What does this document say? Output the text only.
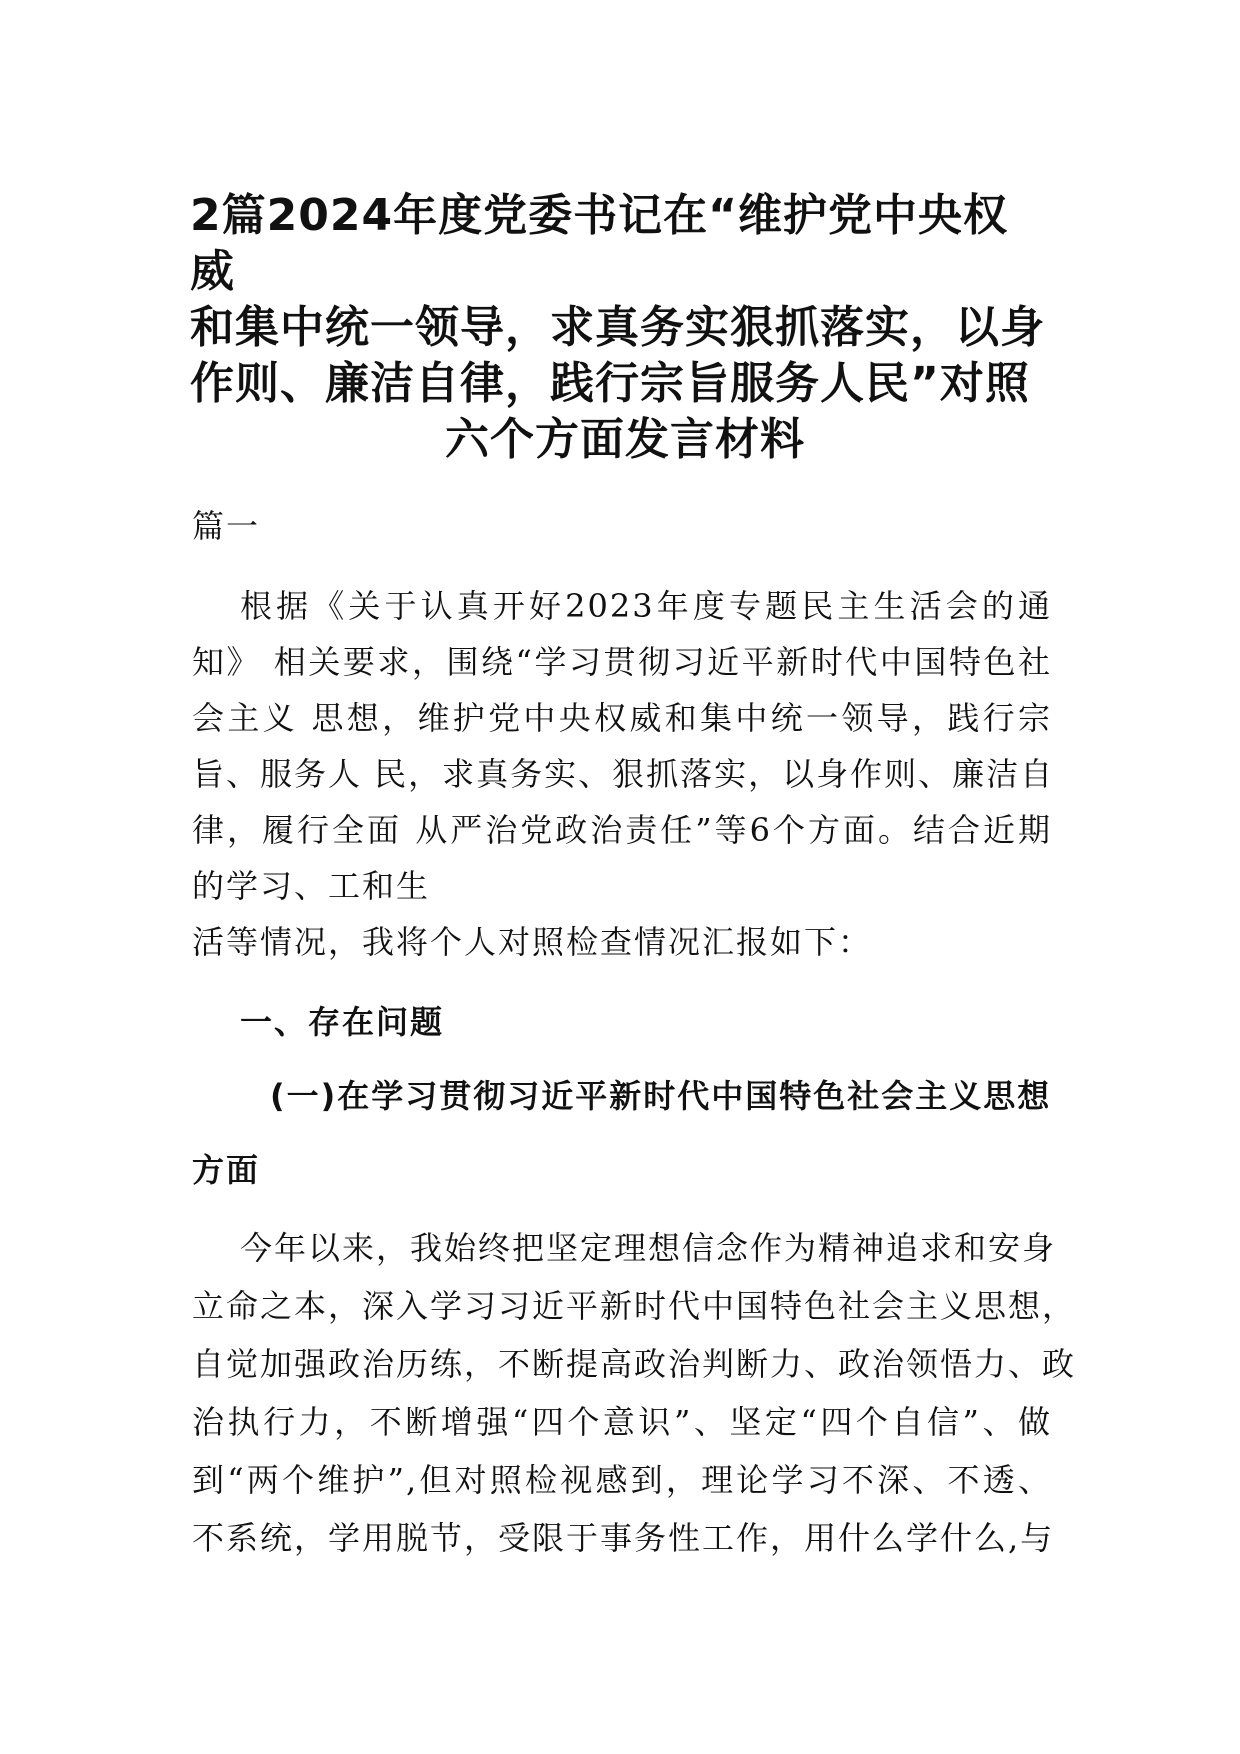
2篇2024年度党委书记在“维护党中央权
威
和集中统一领导，求真务实狠抓落实，以身
作则、廉洁自律，践行宗旨服务人民”对照
六个方面发言材料
篇一
根据《关于认真开好2023年度专题民主生活会的通
知》 相关要求，围绕“学习贯彻习近平新时代中国特色社
会主义 思想，维护党中央权威和集中统一领导，践行宗
旨、服务人 民，求真务实、狠抓落实，以身作则、廉洁自
律，履行全面 从严治党政治责任”等6个方面。结合近期
的学习、工和生
活等情况，我将个人对照检查情况汇报如下：
一、存在问题
(一)在学习贯彻习近平新时代中国特色社会主义思想
方面
今年以来，我始终把坚定理想信念作为精神追求和安身
立命之本，深入学习习近平新时代中国特色社会主义思想，
自觉加强政治历练，不断提高政治判断力、政治领悟力、政
治执行力，不断增强“四个意识”、坚定“四个自信”、做
到“两个维护”,但对照检视感到，理论学习不深、不透、
不系统，学用脱节，受限于事务性工作，用什么学什么,与
